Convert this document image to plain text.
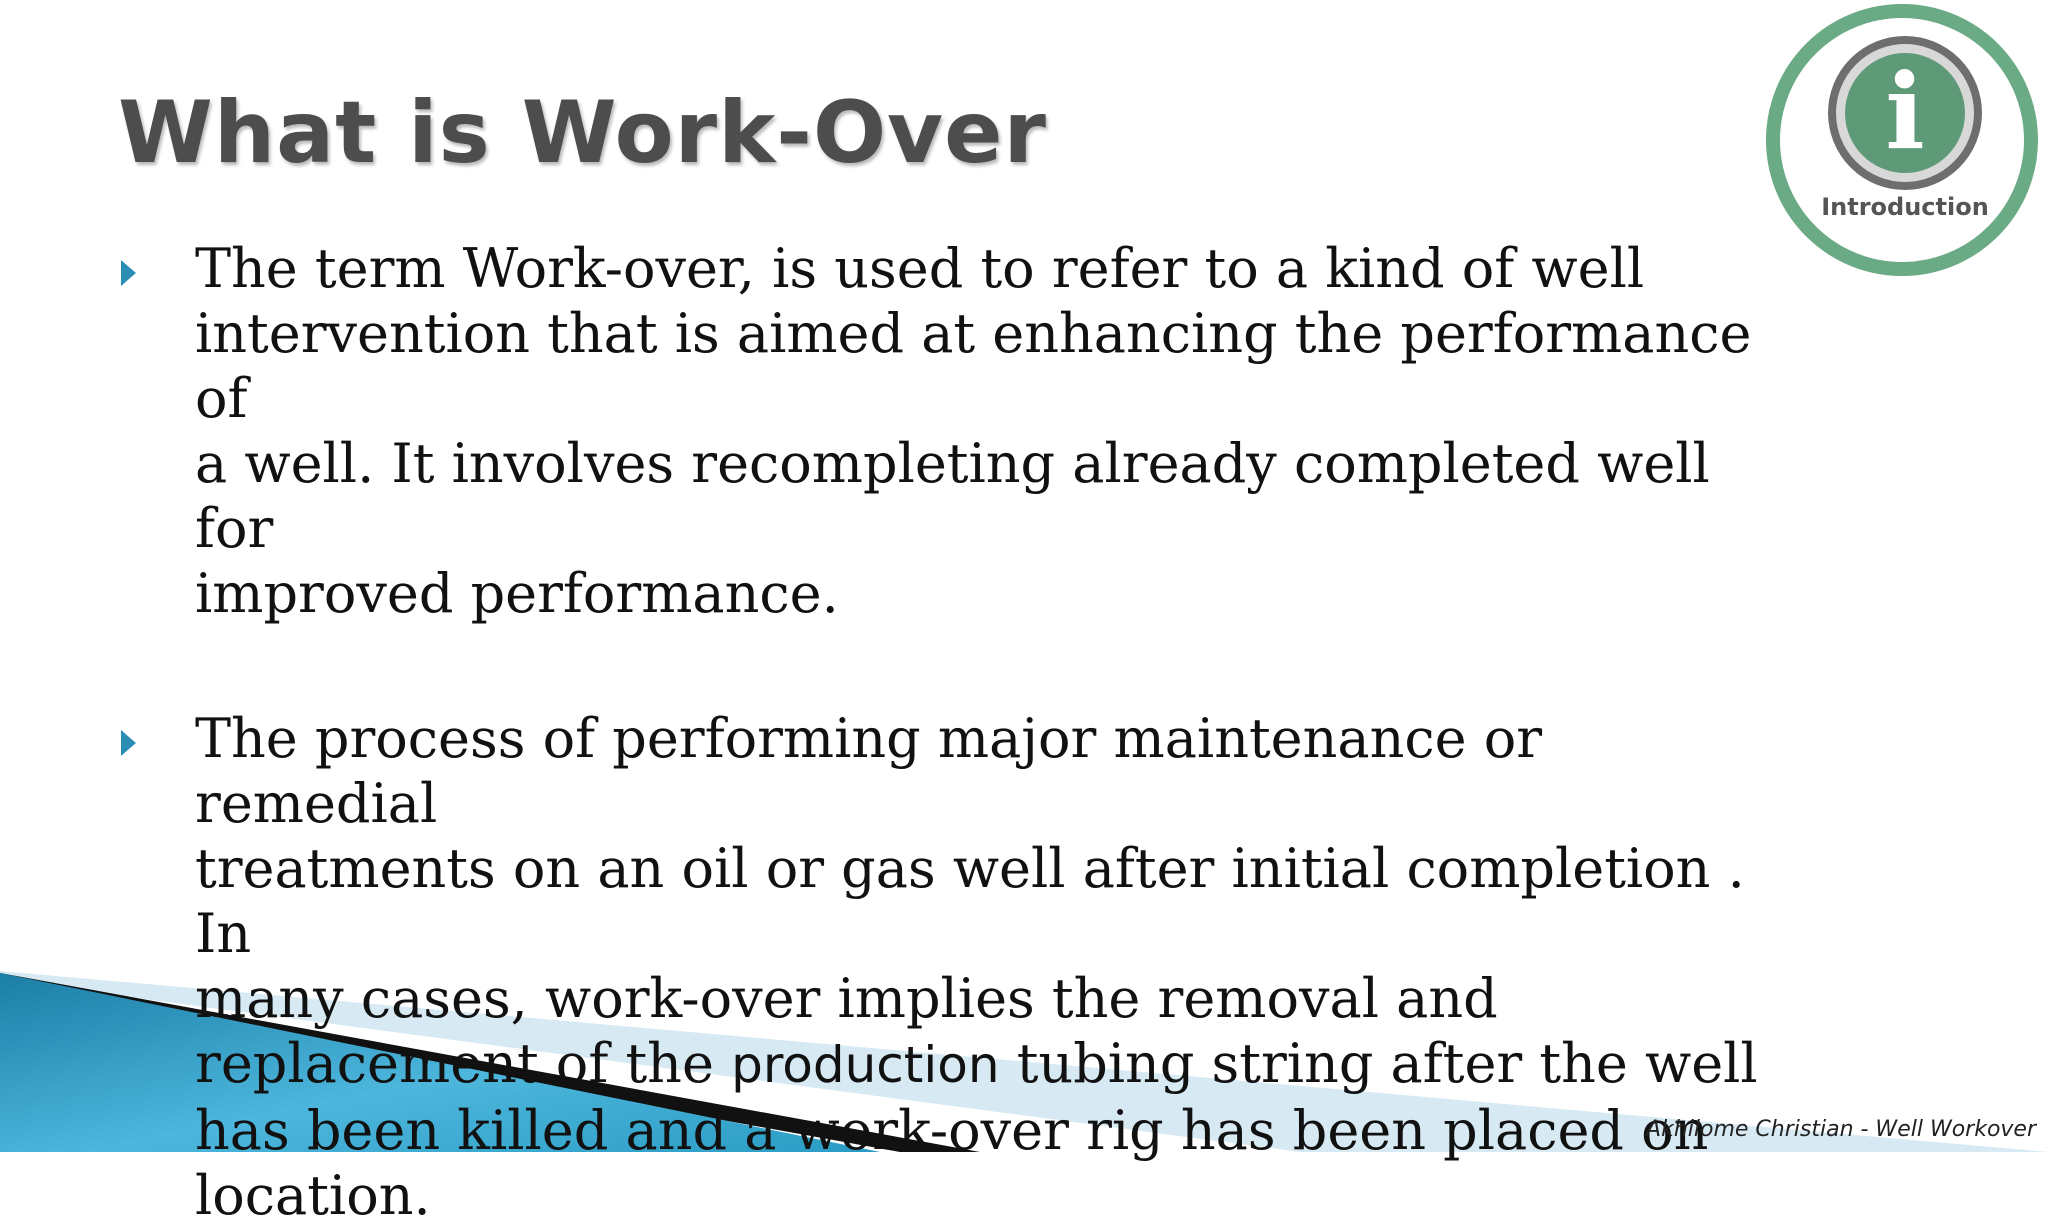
What is Work-Over	i
Introduction
The term Work-over, is used to refer to a kind of well
intervention that is aimed at enhancing the performance of
a well. It involves recompleting already completed well for
improved performance.

The process of performing major maintenance or remedial
treatments on an oil or gas well after initial completion . In
many cases, work-over implies the removal and
replacement of the production tubing string after the well
has been killed and a work-over rig has been placed on
location.

Akhilome Christian - Well Workover
